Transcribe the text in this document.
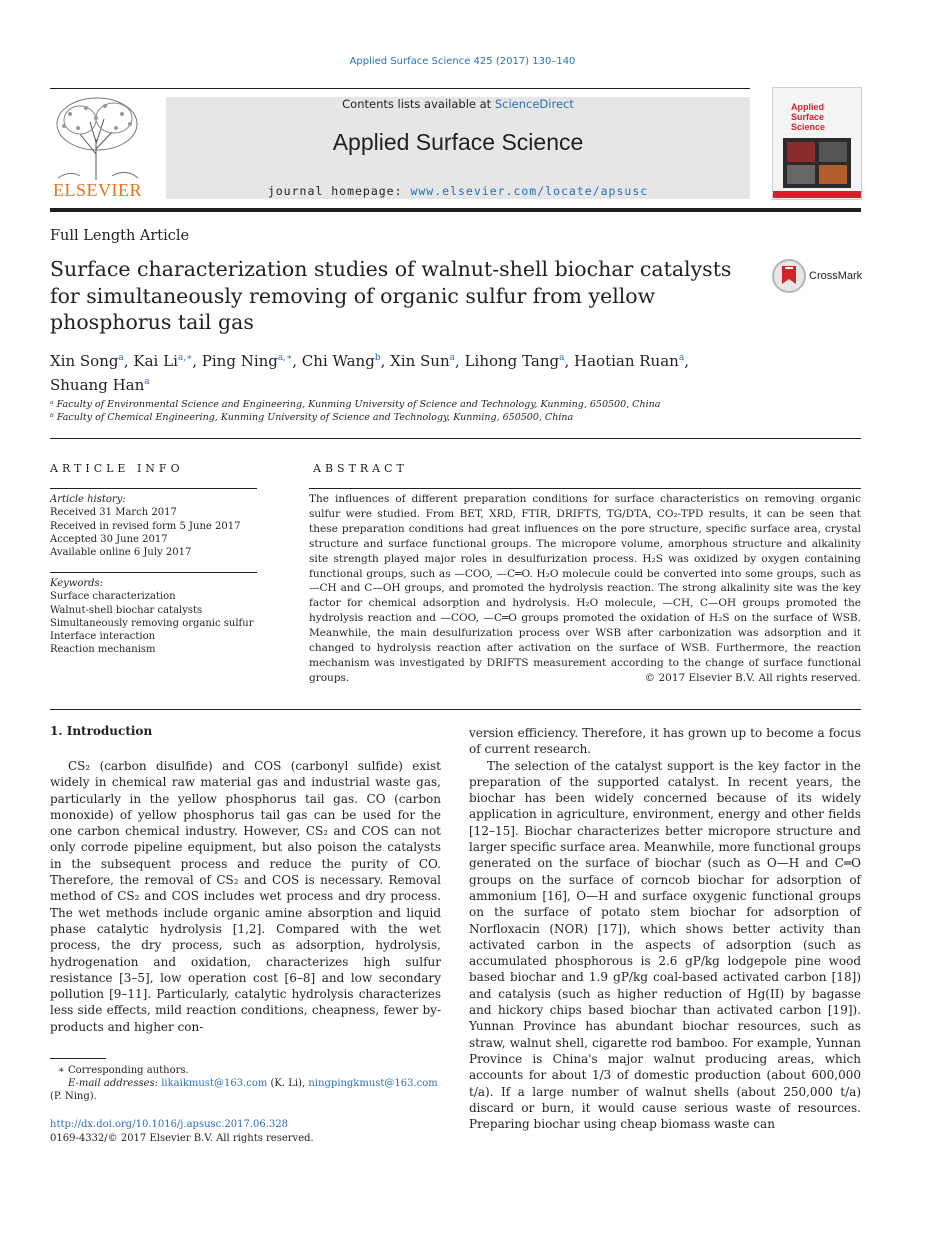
Applied Surface Science 425 (2017) 130–140
ELSEVIER
Contents lists available at ScienceDirect
Applied Surface Science
journal homepage: www.elsevier.com/locate/apsusc
Applied Surface Science
Full Length Article
Surface characterization studies of walnut-shell biochar catalysts for simultaneously removing of organic sulfur from yellow phosphorus tail gas
CrossMark
Xin Song$^a$, Kai $Li^{a,∗}$, Ping Ning$^{a,∗}$, Chi Wang$^b$, Xin Sun$^a$, Lihong Tang$^a$, Haotian Ruan$^a$,
Shuang Han$^a$
ᵃ Faculty of Environmental Science and Engineering, Kunming University of Science and Technology, Kunming, 650500, China
ᵇ Faculty of Chemical Engineering, Kunming University of Science and Technology, Kunming, 650500, China
ARTICLE INFO
Article history:
Received 31 March 2017
Received in revised form 5 June 2017
Accepted 30 June 2017
Available online 6 July 2017
Keywords:
Surface characterization
Walnut-shell biochar catalysts
Simultaneously removing organic sulfur
Interface interaction
Reaction mechanism
ABSTRACT
The influences of different preparation conditions for surface characteristics on removing organic sulfur were studied. From BET, XRD, FTIR, DRIFTS, TG/DTA, CO₂-TPD results, it can be seen that these preparation conditions had great influences on the pore structure, specific surface area, crystal structure and surface functional groups. The micropore volume, amorphous structure and alkalinity site strength played major roles in desulfurization process. H₂S was oxidized by oxygen containing functional groups, such as —COO, —C═O. H₂O molecule could be converted into some groups, such as —CH and C—OH groups, and promoted the hydrolysis reaction. The strong alkalinity site was the key factor for chemical adsorption and hydrolysis. H₂O molecule, —CH, C—OH groups promoted the hydrolysis reaction and —COO, —C═O groups promoted the oxidation of H₂S on the surface of WSB. Meanwhile, the main desulfurization process over WSB after carbonization was adsorption and it changed to hydrolysis reaction after activation on the surface of WSB. Furthermore, the reaction mechanism was investigated by DRIFTS measurement according to the change of surface functional groups.	© 2017 Elsevier B.V. All rights reserved.
1. Introduction

CS₂ (carbon disulfide) and COS (carbonyl sulfide) exist widely in chemical raw material gas and industrial waste gas, particularly in the yellow phosphorus tail gas. CO (carbon monoxide) of yellow phosphorus tail gas can be used for the one carbon chemical industry. However, CS₂ and COS can not only corrode pipeline equipment, but also poison the catalysts in the subsequent process and reduce the purity of CO. Therefore, the removal of CS₂ and COS is necessary. Removal method of CS₂ and COS includes wet process and dry process. The wet methods include organic amine absorption and liquid phase catalytic hydrolysis [1,2]. Compared with the wet process, the dry process, such as adsorption, hydrolysis, hydrogenation and oxidation, characterizes high sulfur resistance [3–5], low operation cost [6–8] and low secondary pollution [9–11]. Particularly, catalytic hydrolysis characterizes less side effects, mild reaction conditions, cheapness, fewer by-products and higher con-

version efficiency. Therefore, it has grown up to become a focus of current research.

The selection of the catalyst support is the key factor in the preparation of the supported catalyst. In recent years, the biochar has been widely concerned because of its widely application in agriculture, environment, energy and other fields [12–15]. Biochar characterizes better micropore structure and larger specific surface area. Meanwhile, more functional groups generated on the surface of biochar (such as O—H and C═O groups on the surface of corncob biochar for adsorption of ammonium [16], O—H and surface oxygenic functional groups on the surface of potato stem biochar for adsorption of Norfloxacin (NOR) [17]), which shows better activity than activated carbon in the aspects of adsorption (such as accumulated phosphorous is 2.6 gP/kg lodgepole pine wood based biochar and 1.9 gP/kg coal-based activated carbon [18]) and catalysis (such as higher reduction of Hg(II) by bagasse and hickory chips based biochar than activated carbon [19]). Yunnan Province has abundant biochar resources, such as straw, walnut shell, cigarette rod bamboo. For example, Yunnan Province is China's major walnut producing areas, which accounts for about 1/3 of domestic production (about 600,000 t/a). If a large number of walnut shells (about 250,000 t/a) discard or burn, it would cause serious waste of resources. Preparing biochar using cheap biomass waste can

∗ Corresponding authors.
E-mail addresses: likaikmust@163.com (K. Li), ningpingkmust@163.com
(P. Ning).
http://dx.doi.org/10.1016/j.apsusc.2017.06.328
0169-4332/© 2017 Elsevier B.V. All rights reserved.
